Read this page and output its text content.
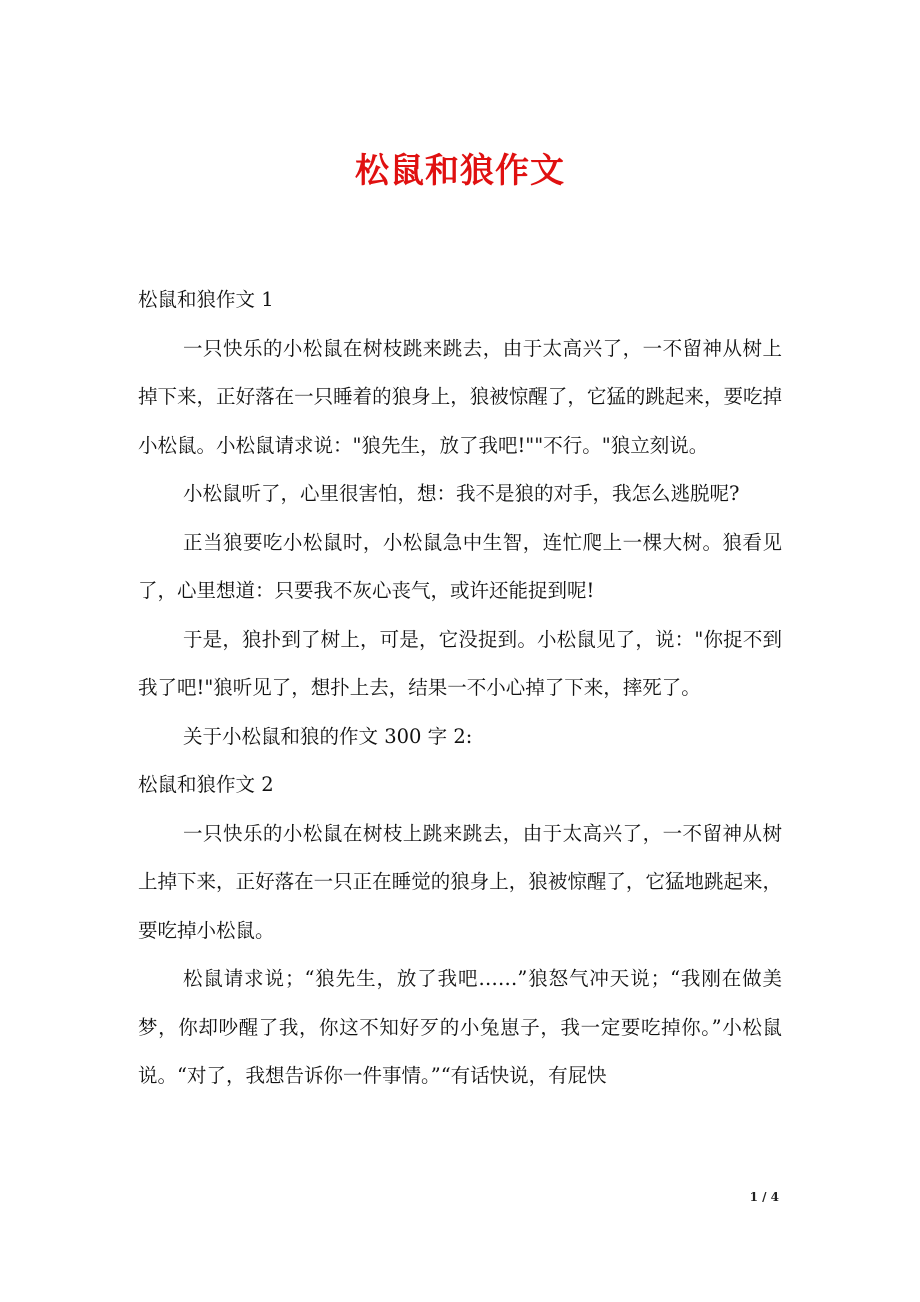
松鼠和狼作文

松鼠和狼作文 1

一只快乐的小松鼠在树枝跳来跳去，由于太高兴了，一不留神从树上掉下来，正好落在一只睡着的狼身上，狼被惊醒了，它猛的跳起来，要吃掉小松鼠。小松鼠请求说："狼先生，放了我吧!""不行。"狼立刻说。

小松鼠听了，心里很害怕，想：我不是狼的对手，我怎么逃脱呢?

正当狼要吃小松鼠时，小松鼠急中生智，连忙爬上一棵大树。狼看见了，心里想道：只要我不灰心丧气，或许还能捉到呢!

于是，狼扑到了树上，可是，它没捉到。小松鼠见了，说："你捉不到我了吧!"狼听见了，想扑上去，结果一不小心掉了下来，摔死了。

关于小松鼠和狼的作文 300 字 2:

松鼠和狼作文 2

一只快乐的小松鼠在树枝上跳来跳去，由于太高兴了，一不留神从树上掉下来，正好落在一只正在睡觉的狼身上，狼被惊醒了，它猛地跳起来，要吃掉小松鼠。

松鼠请求说；“狼先生，放了我吧……”狼怒气冲天说；“我刚在做美梦，你却吵醒了我，你这不知好歹的小兔崽子，我一定要吃掉你。”小松鼠说。“对了，我想告诉你一件事情。”“有话快说，有屁快

1 / 4
